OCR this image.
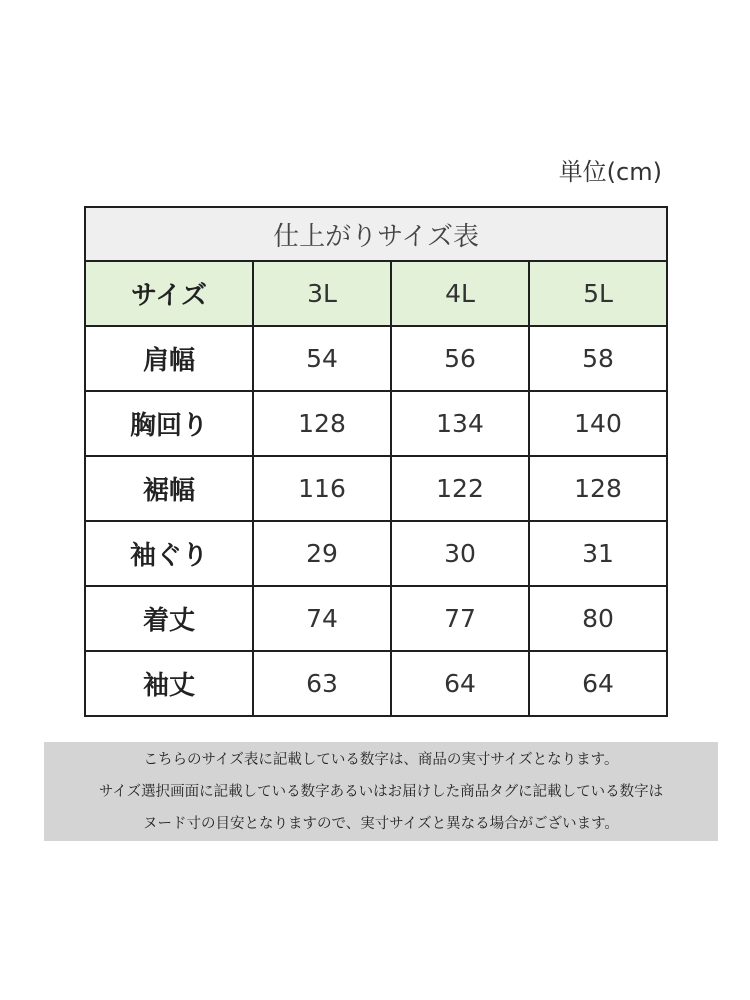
単位(cm)
仕上がりサイズ表			
サイズ	3L	4L	5L
肩幅	54	56	58
胸回り	128	134	140
裾幅	116	122	128
袖ぐり	29	30	31
着丈	74	77	80
袖丈	63	64	64
こちらのサイズ表に記載している数字は、商品の実寸サイズとなります。
サイズ選択画面に記載している数字あるいはお届けした商品タグに記載している数字は
ヌード寸の目安となりますので、実寸サイズと異なる場合がございます。
